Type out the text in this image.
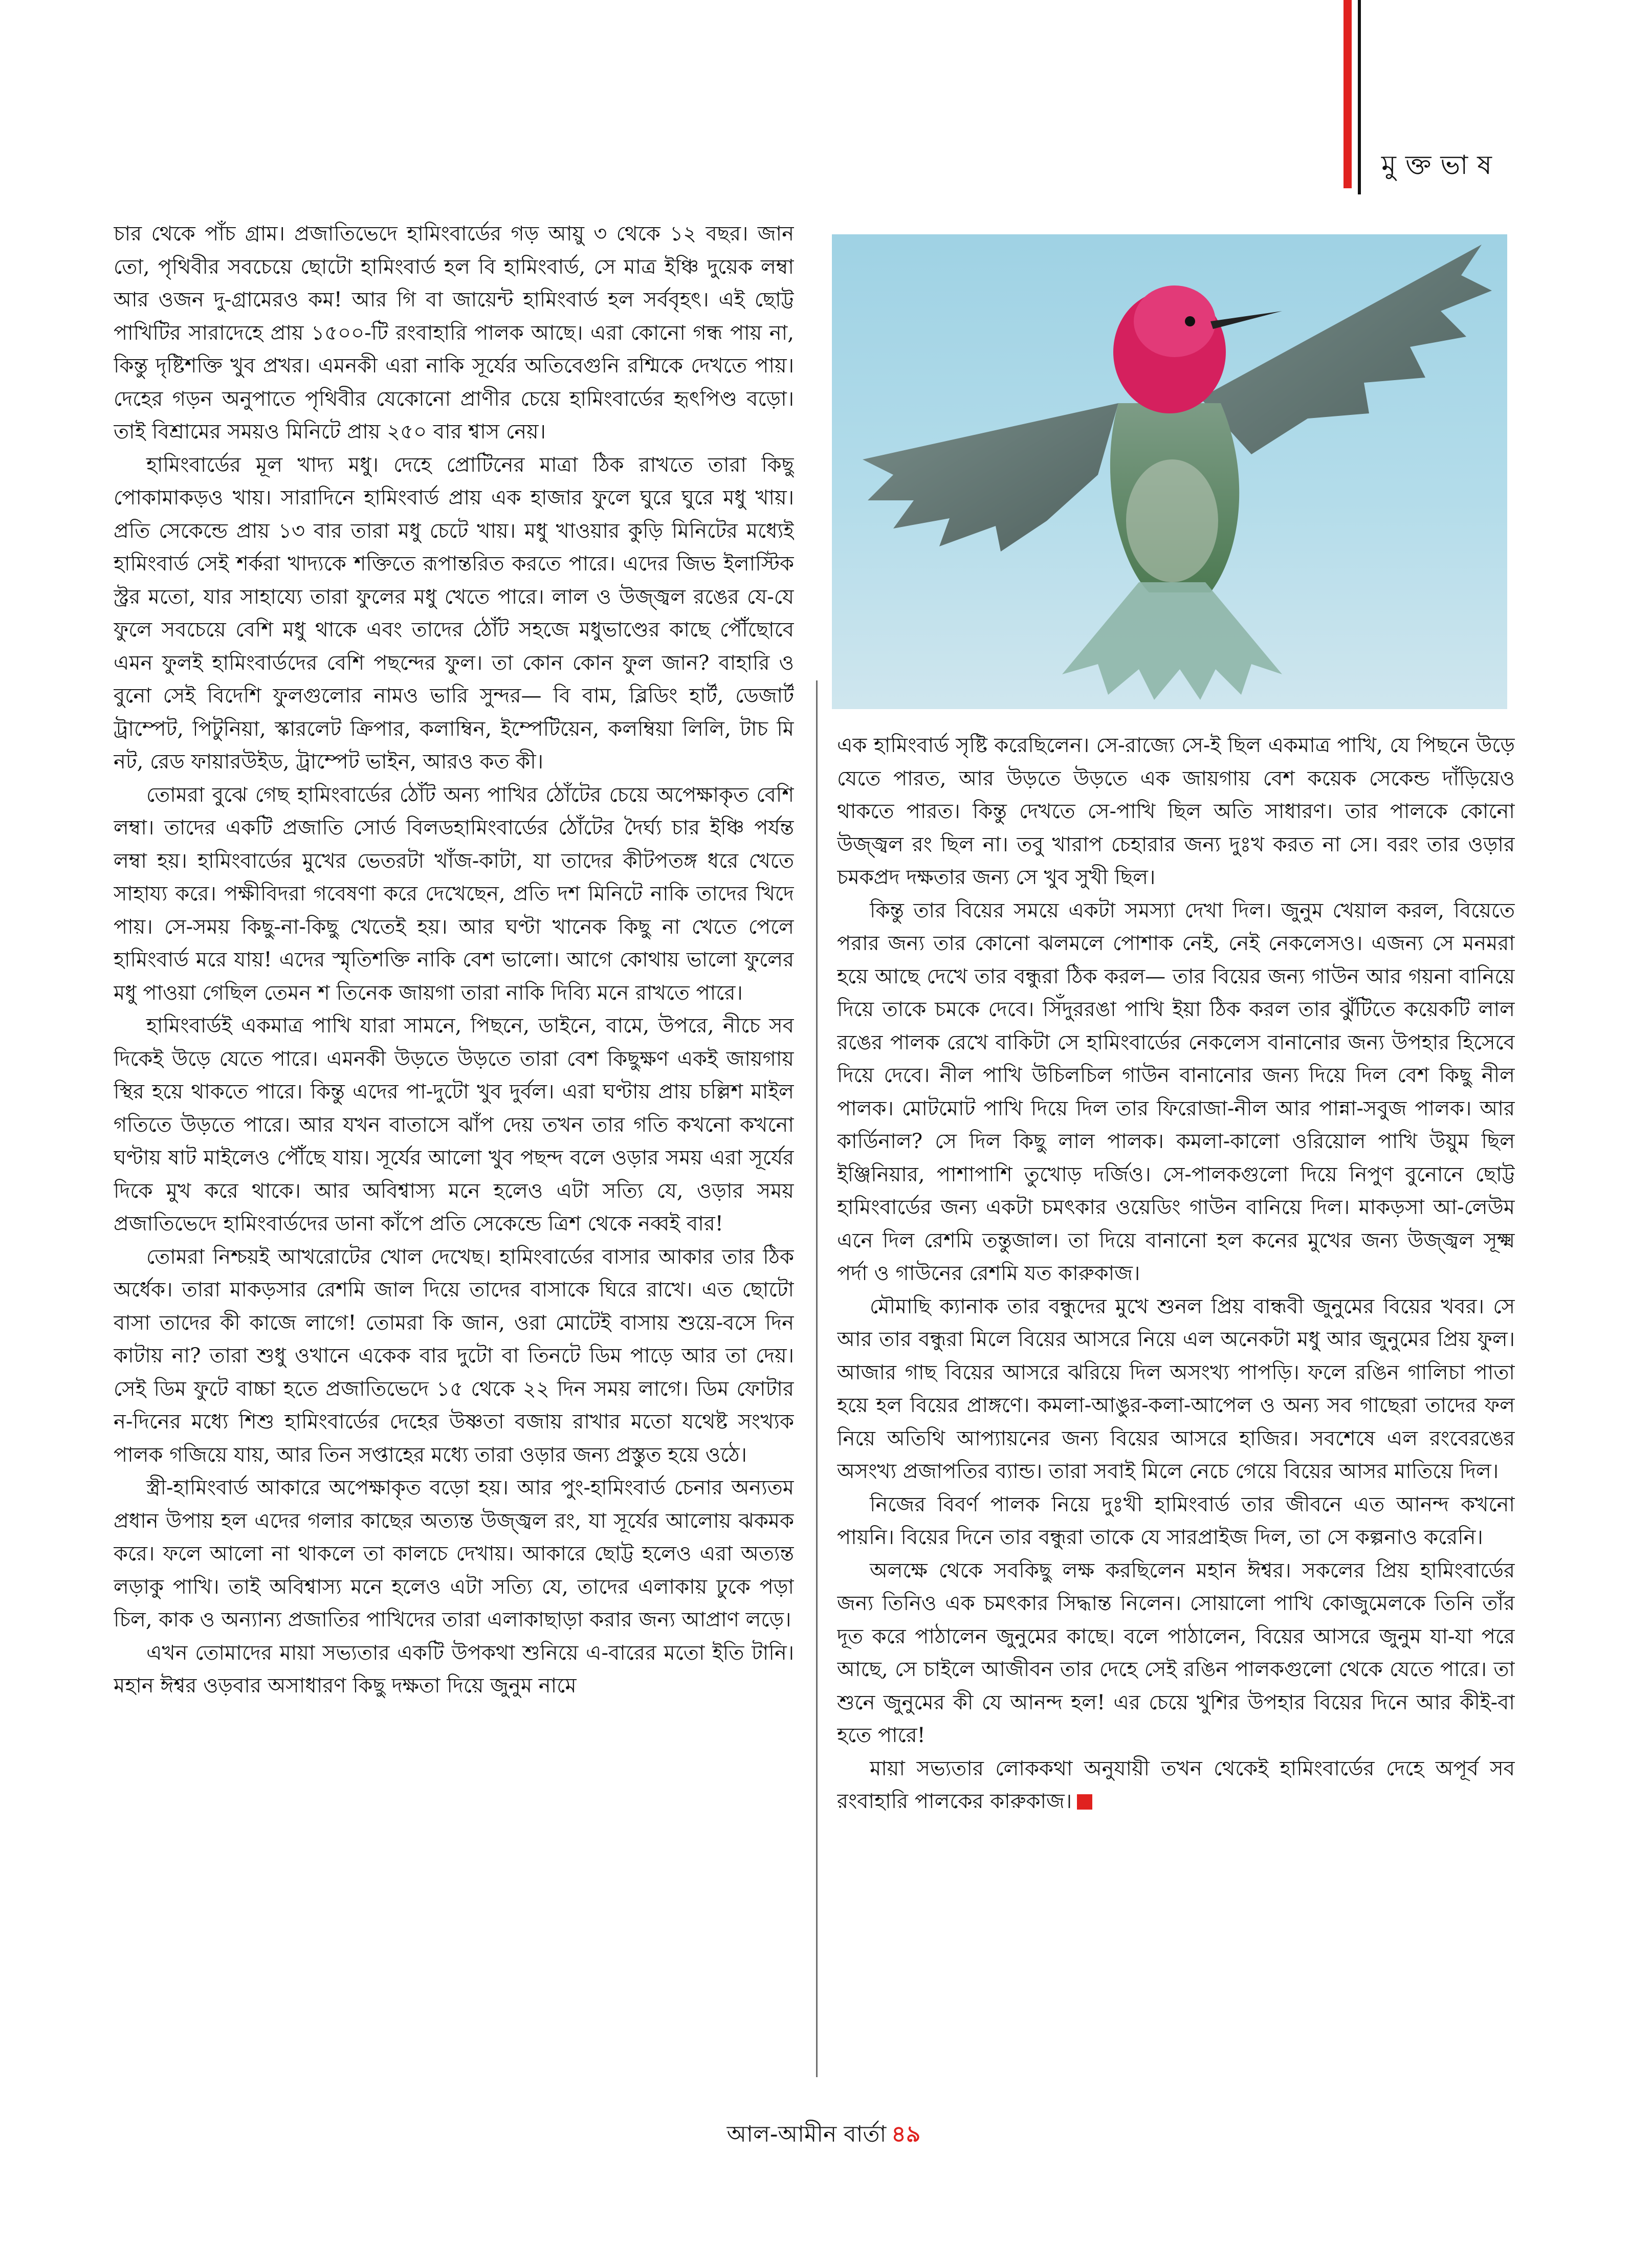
মুক্তভাষ

চার থেকে পাঁচ গ্রাম। প্রজাতিভেদে হামিংবার্ডের গড় আয়ু ৩ থেকে ১২ বছর। জান তো, পৃথিবীর সবচেয়ে ছোটো হামিংবার্ড হল বি হামিংবার্ড, সে মাত্র ইঞ্চি দুয়েক লম্বা আর ওজন দু-গ্রামেরও কম! আর গি বা জায়েন্ট হামিংবার্ড হল সর্ববৃহৎ। এই ছোট্ট পাখিটির সারাদেহে প্রায় ১৫০০-টি রংবাহারি পালক আছে। এরা কোনো গন্ধ পায় না, কিন্তু দৃষ্টিশক্তি খুব প্রখর। এমনকী এরা নাকি সূর্যের অতিবেগুনি রশ্মিকে দেখতে পায়। দেহের গড়ন অনুপাতে পৃথিবীর যেকোনো প্রাণীর চেয়ে হামিংবার্ডের হৃৎপিণ্ড বড়ো। তাই বিশ্রামের সময়ও মিনিটে প্রায় ২৫০ বার শ্বাস নেয়।

হামিংবার্ডের মূল খাদ্য মধু। দেহে প্রোটিনের মাত্রা ঠিক রাখতে তারা কিছু পোকামাকড়ও খায়। সারাদিনে হামিংবার্ড প্রায় এক হাজার ফুলে ঘুরে ঘুরে মধু খায়। প্রতি সেকেন্ডে প্রায় ১৩ বার তারা মধু চেটে খায়। মধু খাওয়ার কুড়ি মিনিটের মধ্যেই হামিংবার্ড সেই শর্করা খাদ্যকে শক্তিতে রূপান্তরিত করতে পারে। এদের জিভ ইলাস্টিক স্ট্রর মতো, যার সাহায্যে তারা ফুলের মধু খেতে পারে। লাল ও উজ্জ্বল রঙের যে-যে ফুলে সবচেয়ে বেশি মধু থাকে এবং তাদের ঠোঁট সহজে মধুভাণ্ডের কাছে পৌঁছোবে এমন ফুলই হামিংবার্ডদের বেশি পছন্দের ফুল। তা কোন কোন ফুল জান? বাহারি ও বুনো সেই বিদেশি ফুলগুলোর নামও ভারি সুন্দর— বি বাম, ব্লিডিং হার্ট, ডেজার্ট ট্রাম্পেট, পিটুনিয়া, স্কারলেট ক্রিপার, কলাম্বিন, ইম্পেটিয়েন, কলম্বিয়া লিলি, টাচ মি নট, রেড ফায়ারউইড, ট্রাম্পেট ভাইন, আরও কত কী।

তোমরা বুঝে গেছ হামিংবার্ডের ঠোঁট অন্য পাখির ঠোঁটের চেয়ে অপেক্ষাকৃত বেশি লম্বা। তাদের একটি প্রজাতি সোর্ড বিলডহামিংবার্ডের ঠোঁটের দৈর্ঘ্য চার ইঞ্চি পর্যন্ত লম্বা হয়। হামিংবার্ডের মুখের ভেতরটা খাঁজ-কাটা, যা তাদের কীটপতঙ্গ ধরে খেতে সাহায্য করে। পক্ষীবিদরা গবেষণা করে দেখেছেন, প্রতি দশ মিনিটে নাকি তাদের খিদে পায়। সে-সময় কিছু-না-কিছু খেতেই হয়। আর ঘণ্টা খানেক কিছু না খেতে পেলে হামিংবার্ড মরে যায়! এদের স্মৃতিশক্তি নাকি বেশ ভালো। আগে কোথায় ভালো ফুলের মধু পাওয়া গেছিল তেমন শ তিনেক জায়গা তারা নাকি দিব্যি মনে রাখতে পারে।

হামিংবার্ডই একমাত্র পাখি যারা সামনে, পিছনে, ডাইনে, বামে, উপরে, নীচে সব দিকেই উড়ে যেতে পারে। এমনকী উড়তে উড়তে তারা বেশ কিছুক্ষণ একই জায়গায় স্থির হয়ে থাকতে পারে। কিন্তু এদের পা-দুটো খুব দুর্বল। এরা ঘণ্টায় প্রায় চল্লিশ মাইল গতিতে উড়তে পারে। আর যখন বাতাসে ঝাঁপ দেয় তখন তার গতি কখনো কখনো ঘণ্টায় ষাট মাইলেও পৌঁছে যায়। সূর্যের আলো খুব পছন্দ বলে ওড়ার সময় এরা সূর্যের দিকে মুখ করে থাকে। আর অবিশ্বাস্য মনে হলেও এটা সত্যি যে, ওড়ার সময় প্রজাতিভেদে হামিংবার্ডদের ডানা কাঁপে প্রতি সেকেন্ডে ত্রিশ থেকে নব্বই বার!

তোমরা নিশ্চয়ই আখরোটের খোল দেখেছ। হামিংবার্ডের বাসার আকার তার ঠিক অর্ধেক। তারা মাকড়সার রেশমি জাল দিয়ে তাদের বাসাকে ঘিরে রাখে। এত ছোটো বাসা তাদের কী কাজে লাগে! তোমরা কি জান, ওরা মোটেই বাসায় শুয়ে-বসে দিন কাটায় না? তারা শুধু ওখানে একেক বার দুটো বা তিনটে ডিম পাড়ে আর তা দেয়। সেই ডিম ফুটে বাচ্চা হতে প্রজাতিভেদে ১৫ থেকে ২২ দিন সময় লাগে। ডিম ফোটার ন-দিনের মধ্যে শিশু হামিংবার্ডের দেহের উষ্ণতা বজায় রাখার মতো যথেষ্ট সংখ্যক পালক গজিয়ে যায়, আর তিন সপ্তাহের মধ্যে তারা ওড়ার জন্য প্রস্তুত হয়ে ওঠে।

স্ত্রী-হামিংবার্ড আকারে অপেক্ষাকৃত বড়ো হয়। আর পুং-হামিংবার্ড চেনার অন্যতম প্রধান উপায় হল এদের গলার কাছের অত্যন্ত উজ্জ্বল রং, যা সূর্যের আলোয় ঝকমক করে। ফলে আলো না থাকলে তা কালচে দেখায়। আকারে ছোট্ট হলেও এরা অত্যন্ত লড়াকু পাখি। তাই অবিশ্বাস্য মনে হলেও এটা সত্যি যে, তাদের এলাকায় ঢুকে পড়া চিল, কাক ও অন্যান্য প্রজাতির পাখিদের তারা এলাকাছাড়া করার জন্য আপ্রাণ লড়ে।

এখন তোমাদের মায়া সভ্যতার একটি উপকথা শুনিয়ে এ-বারের মতো ইতি টানি। মহান ঈশ্বর ওড়বার অসাধারণ কিছু দক্ষতা দিয়ে জুনুম নামে

এক হামিংবার্ড সৃষ্টি করেছিলেন। সে-রাজ্যে সে-ই ছিল একমাত্র পাখি, যে পিছনে উড়ে যেতে পারত, আর উড়তে উড়তে এক জায়গায় বেশ কয়েক সেকেন্ড দাঁড়িয়েও থাকতে পারত। কিন্তু দেখতে সে-পাখি ছিল অতি সাধারণ। তার পালকে কোনো উজ্জ্বল রং ছিল না। তবু খারাপ চেহারার জন্য দুঃখ করত না সে। বরং তার ওড়ার চমকপ্রদ দক্ষতার জন্য সে খুব সুখী ছিল।

কিন্তু তার বিয়ের সময়ে একটা সমস্যা দেখা দিল। জুনুম খেয়াল করল, বিয়েতে পরার জন্য তার কোনো ঝলমলে পোশাক নেই, নেই নেকলেসও। এজন্য সে মনমরা হয়ে আছে দেখে তার বন্ধুরা ঠিক করল— তার বিয়ের জন্য গাউন আর গয়না বানিয়ে দিয়ে তাকে চমকে দেবে। সিঁদুররঙা পাখি ইয়া ঠিক করল তার ঝুঁটিতে কয়েকটি লাল রঙের পালক রেখে বাকিটা সে হামিংবার্ডের নেকলেস বানানোর জন্য উপহার হিসেবে দিয়ে দেবে। নীল পাখি উচিলচিল গাউন বানানোর জন্য দিয়ে দিল বেশ কিছু নীল পালক। মোটমোট পাখি দিয়ে দিল তার ফিরোজা-নীল আর পান্না-সবুজ পালক। আর কার্ডিনাল? সে দিল কিছু লাল পালক। কমলা-কালো ওরিয়োল পাখি উয়ুম ছিল ইঞ্জিনিয়ার, পাশাপাশি তুখোড় দর্জিও। সে-পালকগুলো দিয়ে নিপুণ বুনোনে ছোট্ট হামিংবার্ডের জন্য একটা চমৎকার ওয়েডিং গাউন বানিয়ে দিল। মাকড়সা আ-লেউম এনে দিল রেশমি তন্তুজাল। তা দিয়ে বানানো হল কনের মুখের জন্য উজ্জ্বল সূক্ষ্ম পর্দা ও গাউনের রেশমি যত কারুকাজ।

মৌমাছি ক্যানাক তার বন্ধুদের মুখে শুনল প্রিয় বান্ধবী জুনুমের বিয়ের খবর। সে আর তার বন্ধুরা মিলে বিয়ের আসরে নিয়ে এল অনেকটা মধু আর জুনুমের প্রিয় ফুল। আজার গাছ বিয়ের আসরে ঝরিয়ে দিল অসংখ্য পাপড়ি। ফলে রঙিন গালিচা পাতা হয়ে হল বিয়ের প্রাঙ্গণে। কমলা-আঙুর-কলা-আপেল ও অন্য সব গাছেরা তাদের ফল নিয়ে অতিথি আপ্যায়নের জন্য বিয়ের আসরে হাজির। সবশেষে এল রংবেরঙের অসংখ্য প্রজাপতির ব্যান্ড। তারা সবাই মিলে নেচে গেয়ে বিয়ের আসর মাতিয়ে দিল।

নিজের বিবর্ণ পালক নিয়ে দুঃখী হামিংবার্ড তার জীবনে এত আনন্দ কখনো পায়নি। বিয়ের দিনে তার বন্ধুরা তাকে যে সারপ্রাইজ দিল, তা সে কল্পনাও করেনি।

অলক্ষে থেকে সবকিছু লক্ষ করছিলেন মহান ঈশ্বর। সকলের প্রিয় হামিংবার্ডের জন্য তিনিও এক চমৎকার সিদ্ধান্ত নিলেন। সোয়ালো পাখি কোজুমেলকে তিনি তাঁর দূত করে পাঠালেন জুনুমের কাছে। বলে পাঠালেন, বিয়ের আসরে জুনুম যা-যা পরে আছে, সে চাইলে আজীবন তার দেহে সেই রঙিন পালকগুলো থেকে যেতে পারে। তা শুনে জুনুমের কী যে আনন্দ হল! এর চেয়ে খুশির উপহার বিয়ের দিনে আর কীই-বা হতে পারে!

মায়া সভ্যতার লোককথা অনুযায়ী তখন থেকেই হামিংবার্ডের দেহে অপূর্ব সব রংবাহারি পালকের কারুকাজ।

আল-আমীন বার্তা ৪৯
